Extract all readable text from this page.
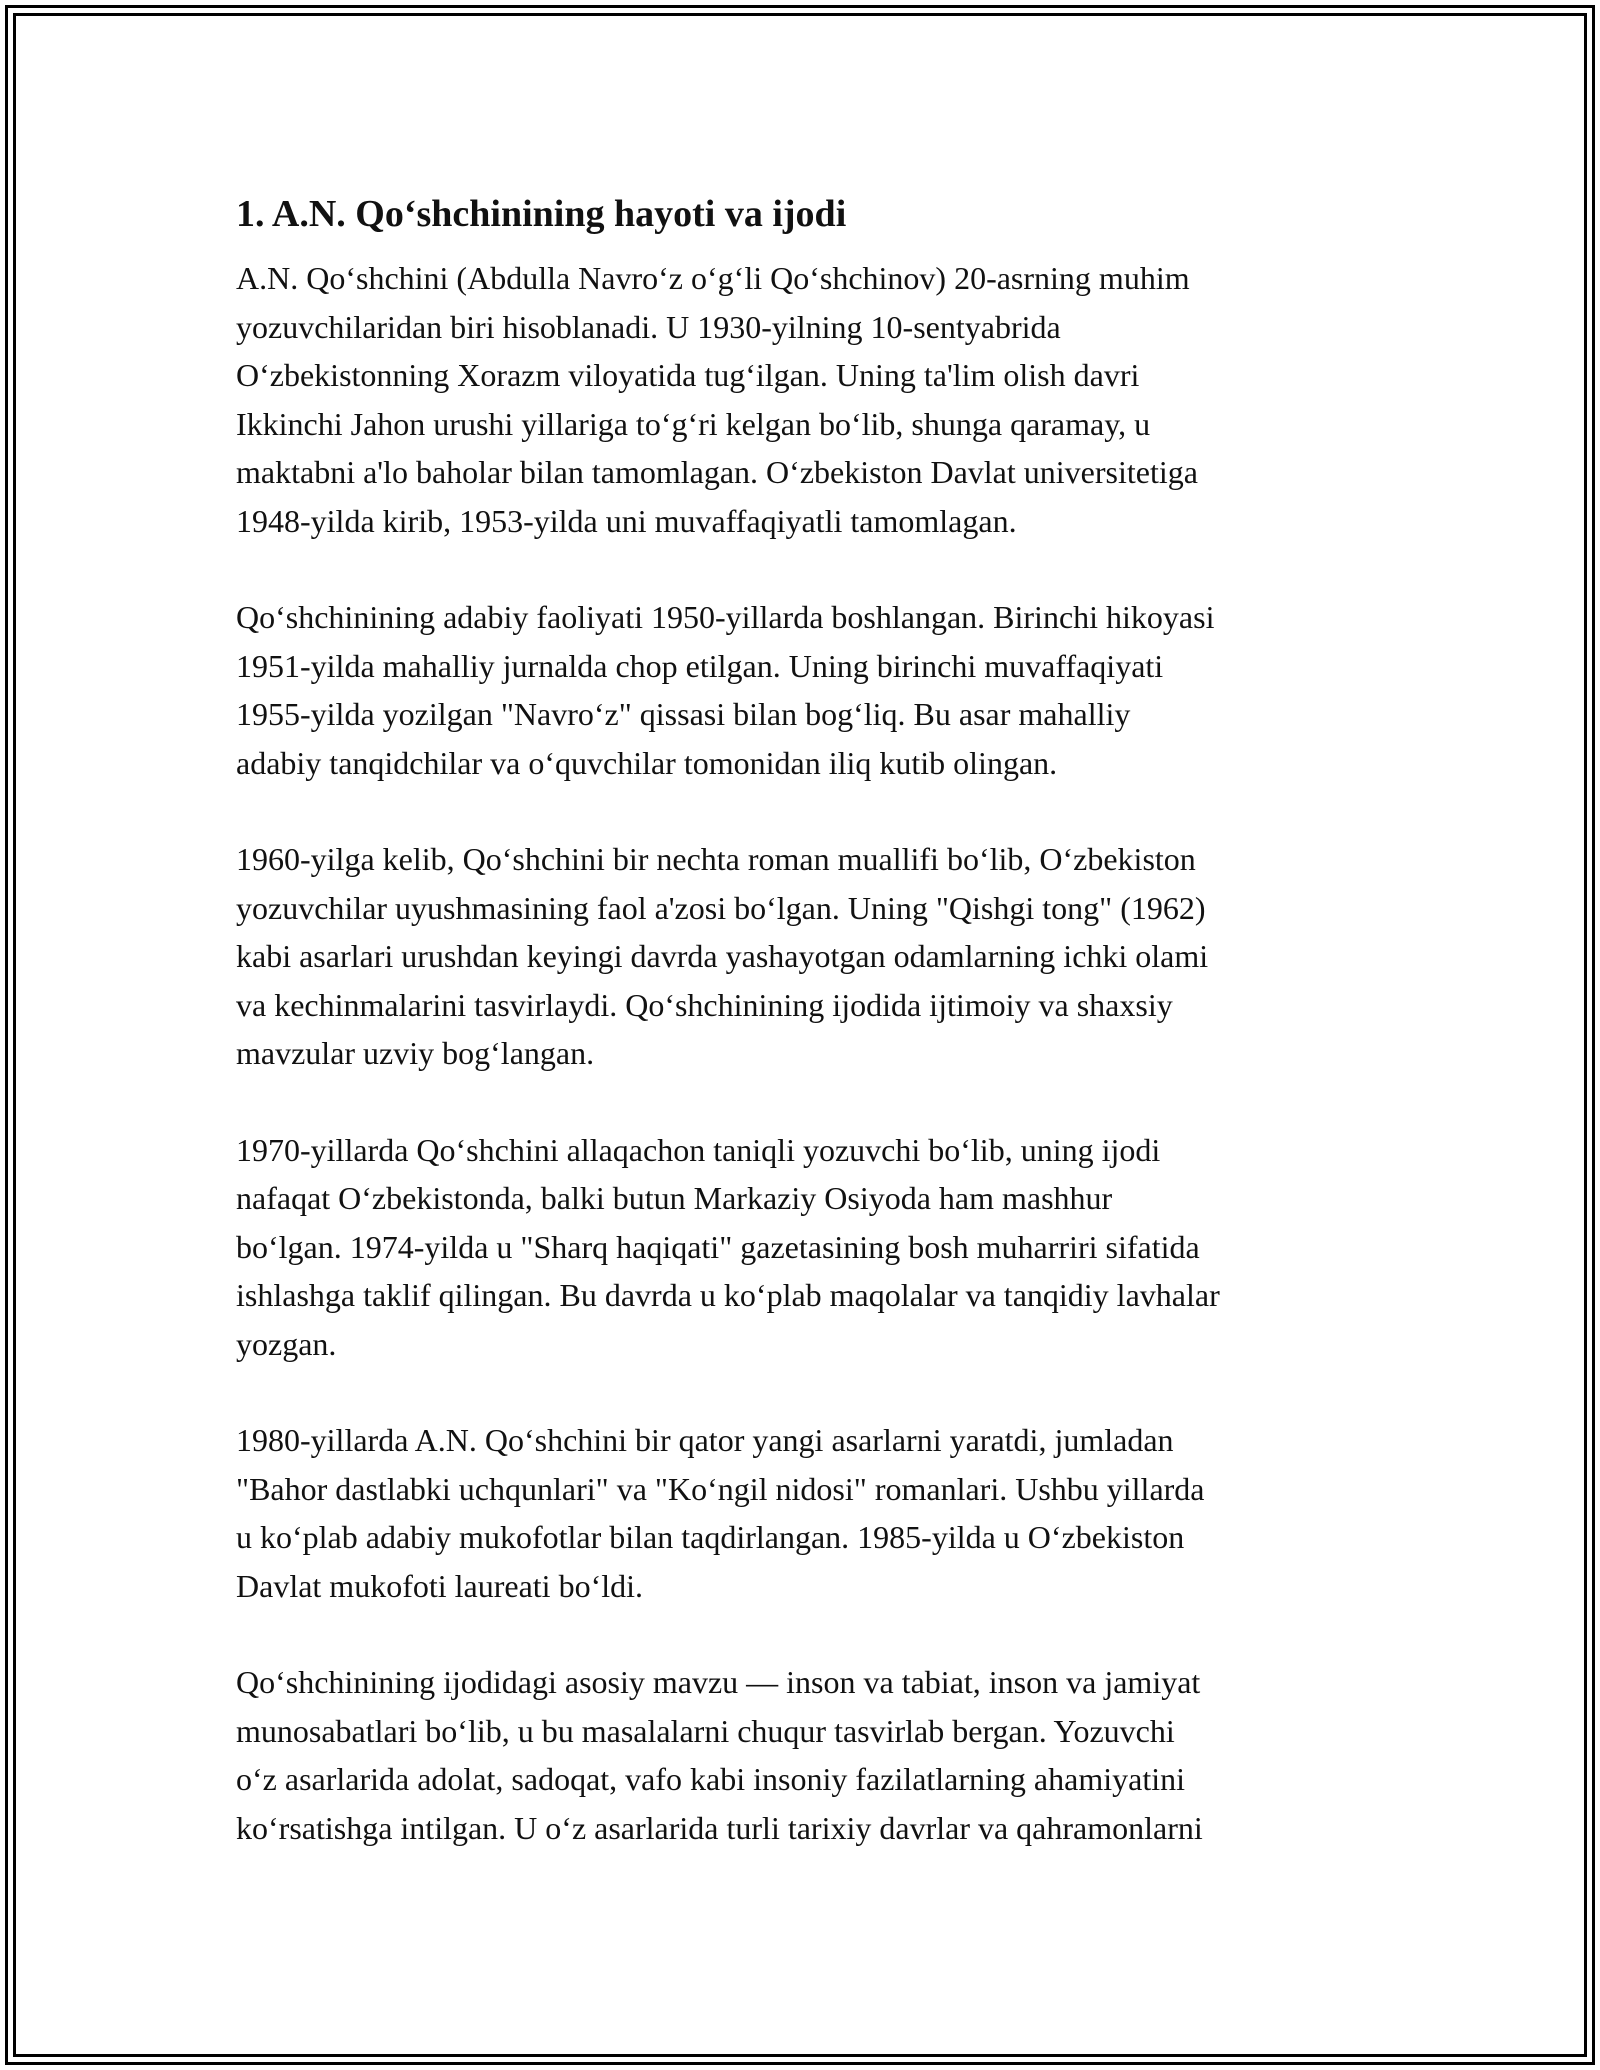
1. A.N. Qo‘shchinining hayoti va ijodi

A.N. Qo‘shchini (Abdulla Navro‘z o‘g‘li Qo‘shchinov) 20-asrning muhim
yozuvchilaridan biri hisoblanadi. U 1930-yilning 10-sentyabrida
O‘zbekistonning Xorazm viloyatida tug‘ilgan. Uning ta'lim olish davri
Ikkinchi Jahon urushi yillariga to‘g‘ri kelgan bo‘lib, shunga qaramay, u
maktabni a'lo baholar bilan tamomlagan. O‘zbekiston Davlat universitetiga
1948-yilda kirib, 1953-yilda uni muvaffaqiyatli tamomlagan.

Qo‘shchinining adabiy faoliyati 1950-yillarda boshlangan. Birinchi hikoyasi
1951-yilda mahalliy jurnalda chop etilgan. Uning birinchi muvaffaqiyati
1955-yilda yozilgan "Navro‘z" qissasi bilan bog‘liq. Bu asar mahalliy
adabiy tanqidchilar va o‘quvchilar tomonidan iliq kutib olingan.

1960-yilga kelib, Qo‘shchini bir nechta roman muallifi bo‘lib, O‘zbekiston
yozuvchilar uyushmasining faol a'zosi bo‘lgan. Uning "Qishgi tong" (1962)
kabi asarlari urushdan keyingi davrda yashayotgan odamlarning ichki olami
va kechinmalarini tasvirlaydi. Qo‘shchinining ijodida ijtimoiy va shaxsiy
mavzular uzviy bog‘langan.

1970-yillarda Qo‘shchini allaqachon taniqli yozuvchi bo‘lib, uning ijodi
nafaqat O‘zbekistonda, balki butun Markaziy Osiyoda ham mashhur
bo‘lgan. 1974-yilda u "Sharq haqiqati" gazetasining bosh muharriri sifatida
ishlashga taklif qilingan. Bu davrda u ko‘plab maqolalar va tanqidiy lavhalar
yozgan.

1980-yillarda A.N. Qo‘shchini bir qator yangi asarlarni yaratdi, jumladan
"Bahor dastlabki uchqunlari" va "Ko‘ngil nidosi" romanlari. Ushbu yillarda
u ko‘plab adabiy mukofotlar bilan taqdirlangan. 1985-yilda u O‘zbekiston
Davlat mukofoti laureati bo‘ldi.

Qo‘shchinining ijodidagi asosiy mavzu — inson va tabiat, inson va jamiyat
munosabatlari bo‘lib, u bu masalalarni chuqur tasvirlab bergan. Yozuvchi
o‘z asarlarida adolat, sadoqat, vafo kabi insoniy fazilatlarning ahamiyatini
ko‘rsatishga intilgan. U o‘z asarlarida turli tarixiy davrlar va qahramonlarni
